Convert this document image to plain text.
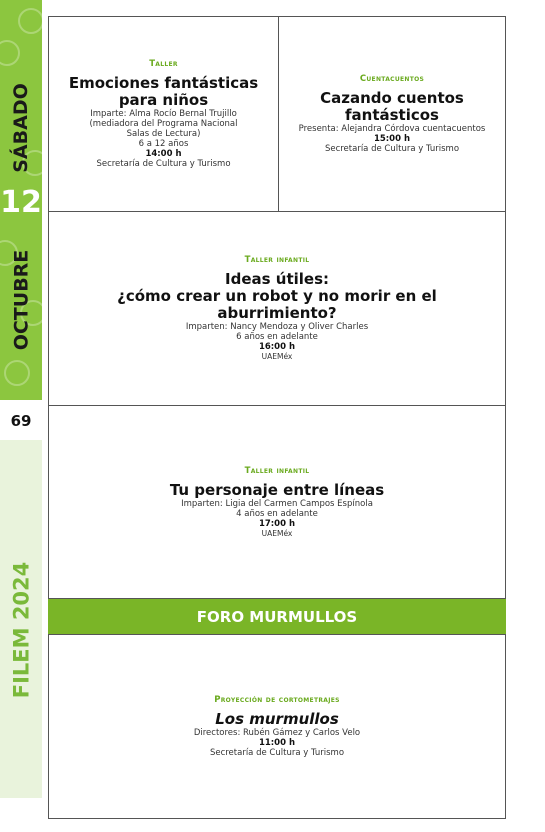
SÁBADO
12
OCTUBRE
69
FILEM 2024
Taller
Emociones fantásticas
para niños
Imparte: Alma Rocío Bernal Trujillo
(mediadora del Programa Nacional
Salas de Lectura)
6 a 12 años
14:00 h
Secretaría de Cultura y Turismo
Cuentacuentos
Cazando cuentos
fantásticos
Presenta: Alejandra Córdova cuentacuentos
15:00 h
Secretaría de Cultura y Turismo
Taller infantil
Ideas útiles:
¿cómo crear un robot y no morir en el aburrimiento?
Imparten: Nancy Mendoza y Oliver Charles
6 años en adelante
16:00 h
UAEMéx
Taller infantil
Tu personaje entre líneas
Imparten: Ligia del Carmen Campos Espínola
4 años en adelante
17:00 h
UAEMéx
FORO MURMULLOS
Proyección de cortometrajes
Los murmullos
Directores: Rubén Gámez y Carlos Velo
11:00 h
Secretaría de Cultura y Turismo
